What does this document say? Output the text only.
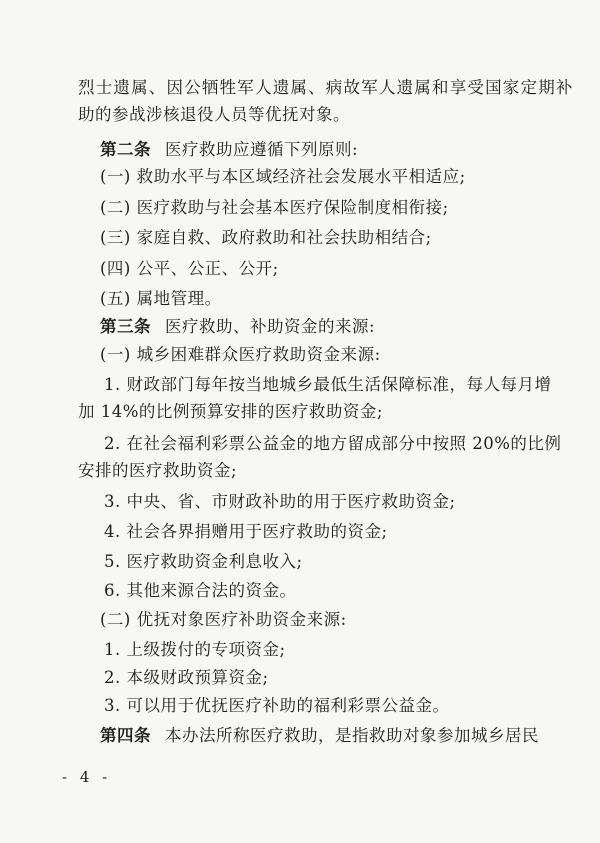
烈士遗属、因公牺牲军人遗属、病故军人遗属和享受国家定期补
助的参战涉核退役人员等优抚对象。
第二条 医疗救助应遵循下列原则:
(一) 救助水平与本区域经济社会发展水平相适应;
(二) 医疗救助与社会基本医疗保险制度相衔接;
(三) 家庭自救、政府救助和社会扶助相结合;
(四) 公平、公正、公开;
(五) 属地管理。
第三条 医疗救助、补助资金的来源:
(一) 城乡困难群众医疗救助资金来源:
1. 财政部门每年按当地城乡最低生活保障标准，每人每月增
加 14%的比例预算安排的医疗救助资金;
2. 在社会福利彩票公益金的地方留成部分中按照 20%的比例
安排的医疗救助资金;
3. 中央、省、市财政补助的用于医疗救助资金;
4. 社会各界捐赠用于医疗救助的资金;
5. 医疗救助资金利息收入;
6. 其他来源合法的资金。
(二) 优抚对象医疗补助资金来源:
1. 上级拨付的专项资金;
2. 本级财政预算资金;
3. 可以用于优抚医疗补助的福利彩票公益金。
第四条 本办法所称医疗救助，是指救助对象参加城乡居民
- 4 -
